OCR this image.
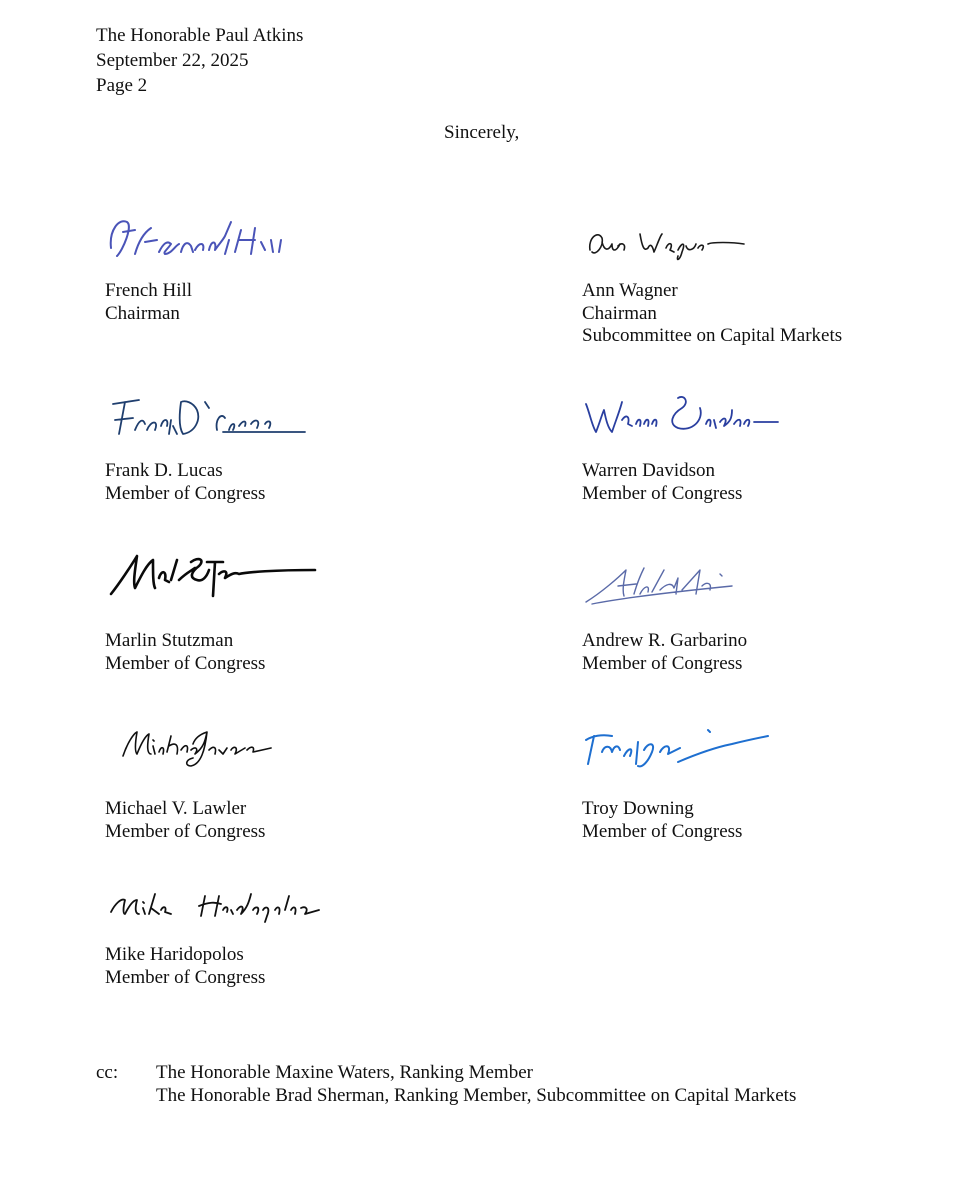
The Honorable Paul Atkins
September 22, 2025
Page 2
Sincerely,
French Hill
Chairman
Ann Wagner
Chairman
Subcommittee on Capital Markets
Frank D. Lucas
Member of Congress
Warren Davidson
Member of Congress
Marlin Stutzman
Member of Congress
Andrew R. Garbarino
Member of Congress
Michael V. Lawler
Member of Congress
Troy Downing
Member of Congress
Mike Haridopolos
Member of Congress
cc: The Honorable Maxine Waters, Ranking Member
The Honorable Brad Sherman, Ranking Member, Subcommittee on Capital Markets
